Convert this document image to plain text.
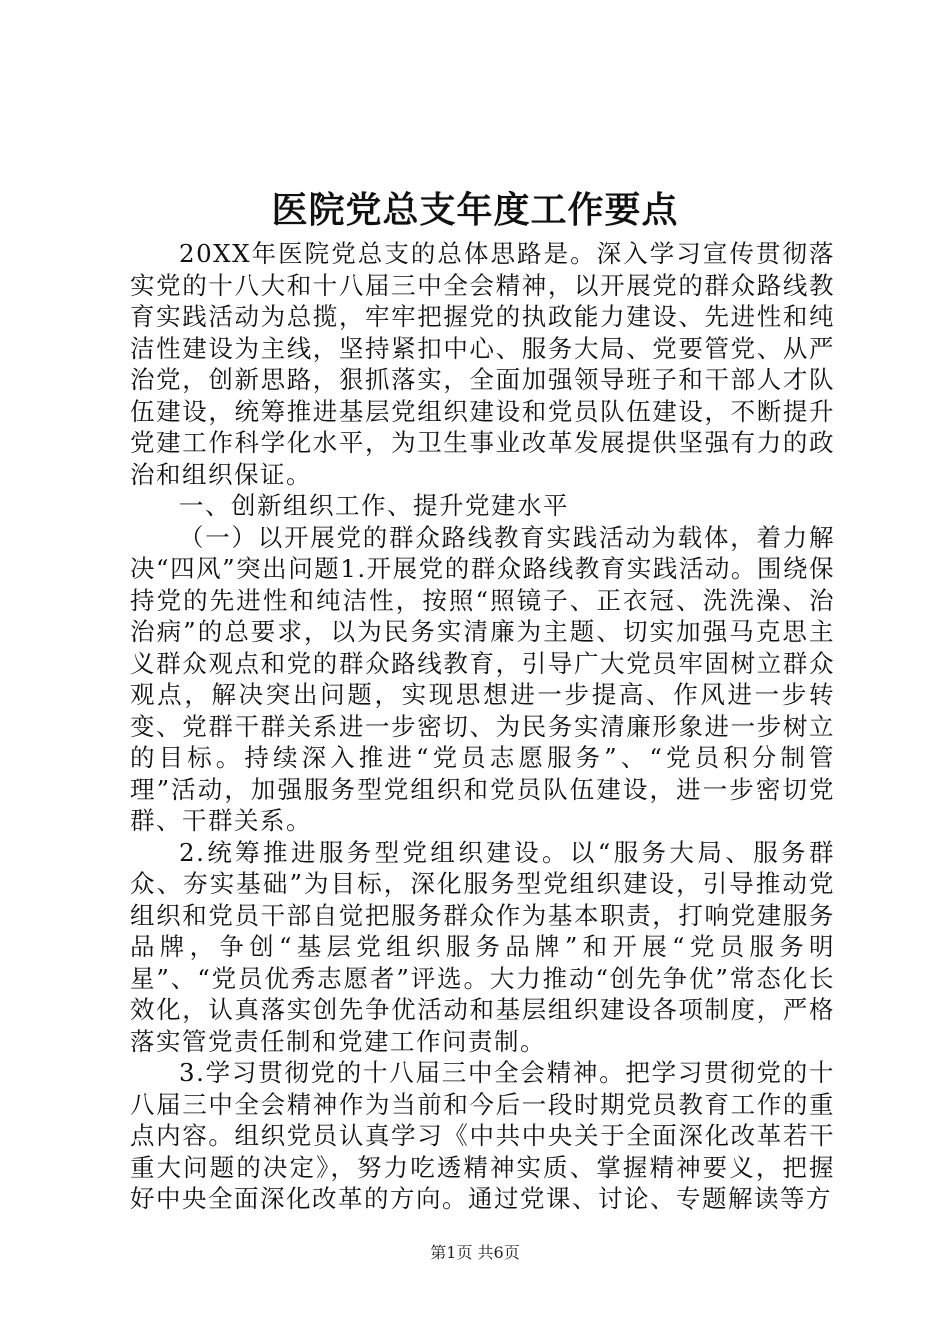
医院党总支年度工作要点

20XX年医院党总支的总体思路是。深入学习宣传贯彻落实党的十八大和十八届三中全会精神，以开展党的群众路线教育实践活动为总揽，牢牢把握党的执政能力建设、先进性和纯洁性建设为主线，坚持紧扣中心、服务大局、党要管党、从严治党，创新思路，狠抓落实，全面加强领导班子和干部人才队伍建设，统筹推进基层党组织建设和党员队伍建设，不断提升党建工作科学化水平，为卫生事业改革发展提供坚强有力的政治和组织保证。

一、创新组织工作、提升党建水平

（一）以开展党的群众路线教育实践活动为载体，着力解决“四风”突出问题1.开展党的群众路线教育实践活动。围绕保持党的先进性和纯洁性，按照“照镜子、正衣冠、洗洗澡、治治病”的总要求，以为民务实清廉为主题、切实加强马克思主义群众观点和党的群众路线教育，引导广大党员牢固树立群众观点，解决突出问题，实现思想进一步提高、作风进一步转变、党群干群关系进一步密切、为民务实清廉形象进一步树立的目标。持续深入推进“党员志愿服务”、“党员积分制管理”活动，加强服务型党组织和党员队伍建设，进一步密切党群、干群关系。

2.统筹推进服务型党组织建设。以“服务大局、服务群众、夯实基础”为目标，深化服务型党组织建设，引导推动党组织和党员干部自觉把服务群众作为基本职责，打响党建服务品牌，争创“基层党组织服务品牌”和开展“党员服务明星”、“党员优秀志愿者”评选。大力推动“创先争优”常态化长效化，认真落实创先争优活动和基层组织建设各项制度，严格落实管党责任制和党建工作问责制。

3.学习贯彻党的十八届三中全会精神。把学习贯彻党的十八届三中全会精神作为当前和今后一段时期党员教育工作的重点内容。组织党员认真学习《中共中央关于全面深化改革若干重大问题的决定》，努力吃透精神实质、掌握精神要义，把握好中央全面深化改革的方向。通过党课、讨论、专题解读等方

第1页 共6页
